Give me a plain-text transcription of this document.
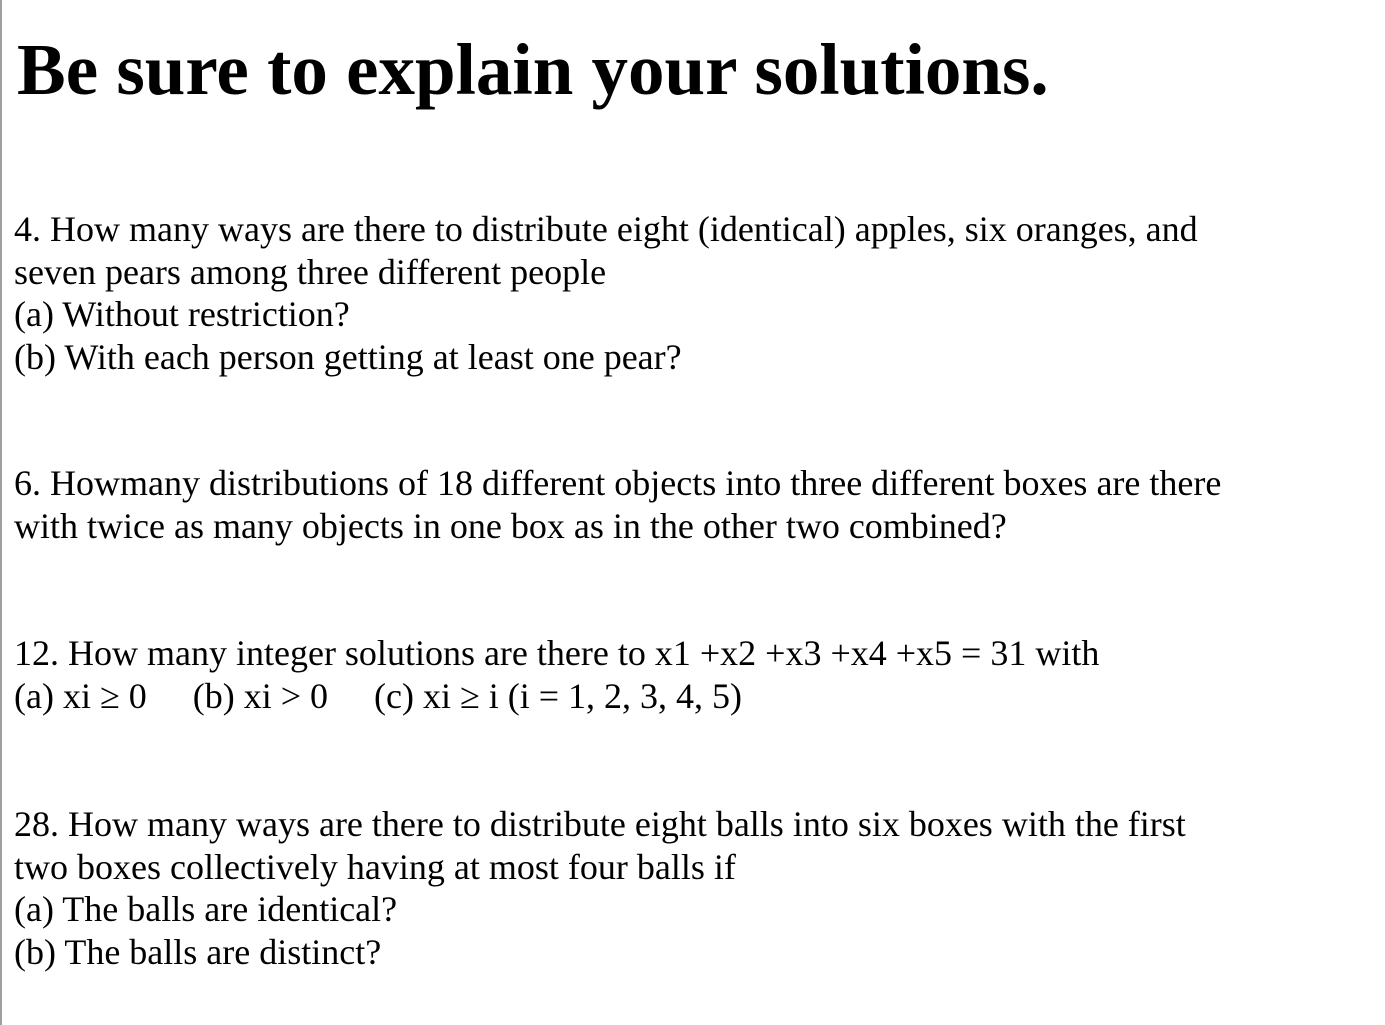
Be sure to explain your solutions.
4. How many ways are there to distribute eight (identical) apples, six oranges, and
seven pears among three different people
(a) Without restriction?
(b) With each person getting at least one pear?
6. Howmany distributions of 18 different objects into three different boxes are there
with twice as many objects in one box as in the other two combined?
12. How many integer solutions are there to x1 +x2 +x3 +x4 +x5 = 31 with
(a) xi ≥ 0 (b) xi > 0 (c) xi ≥ i (i = 1, 2, 3, 4, 5)
28. How many ways are there to distribute eight balls into six boxes with the first
two boxes collectively having at most four balls if
(a) The balls are identical?
(b) The balls are distinct?
